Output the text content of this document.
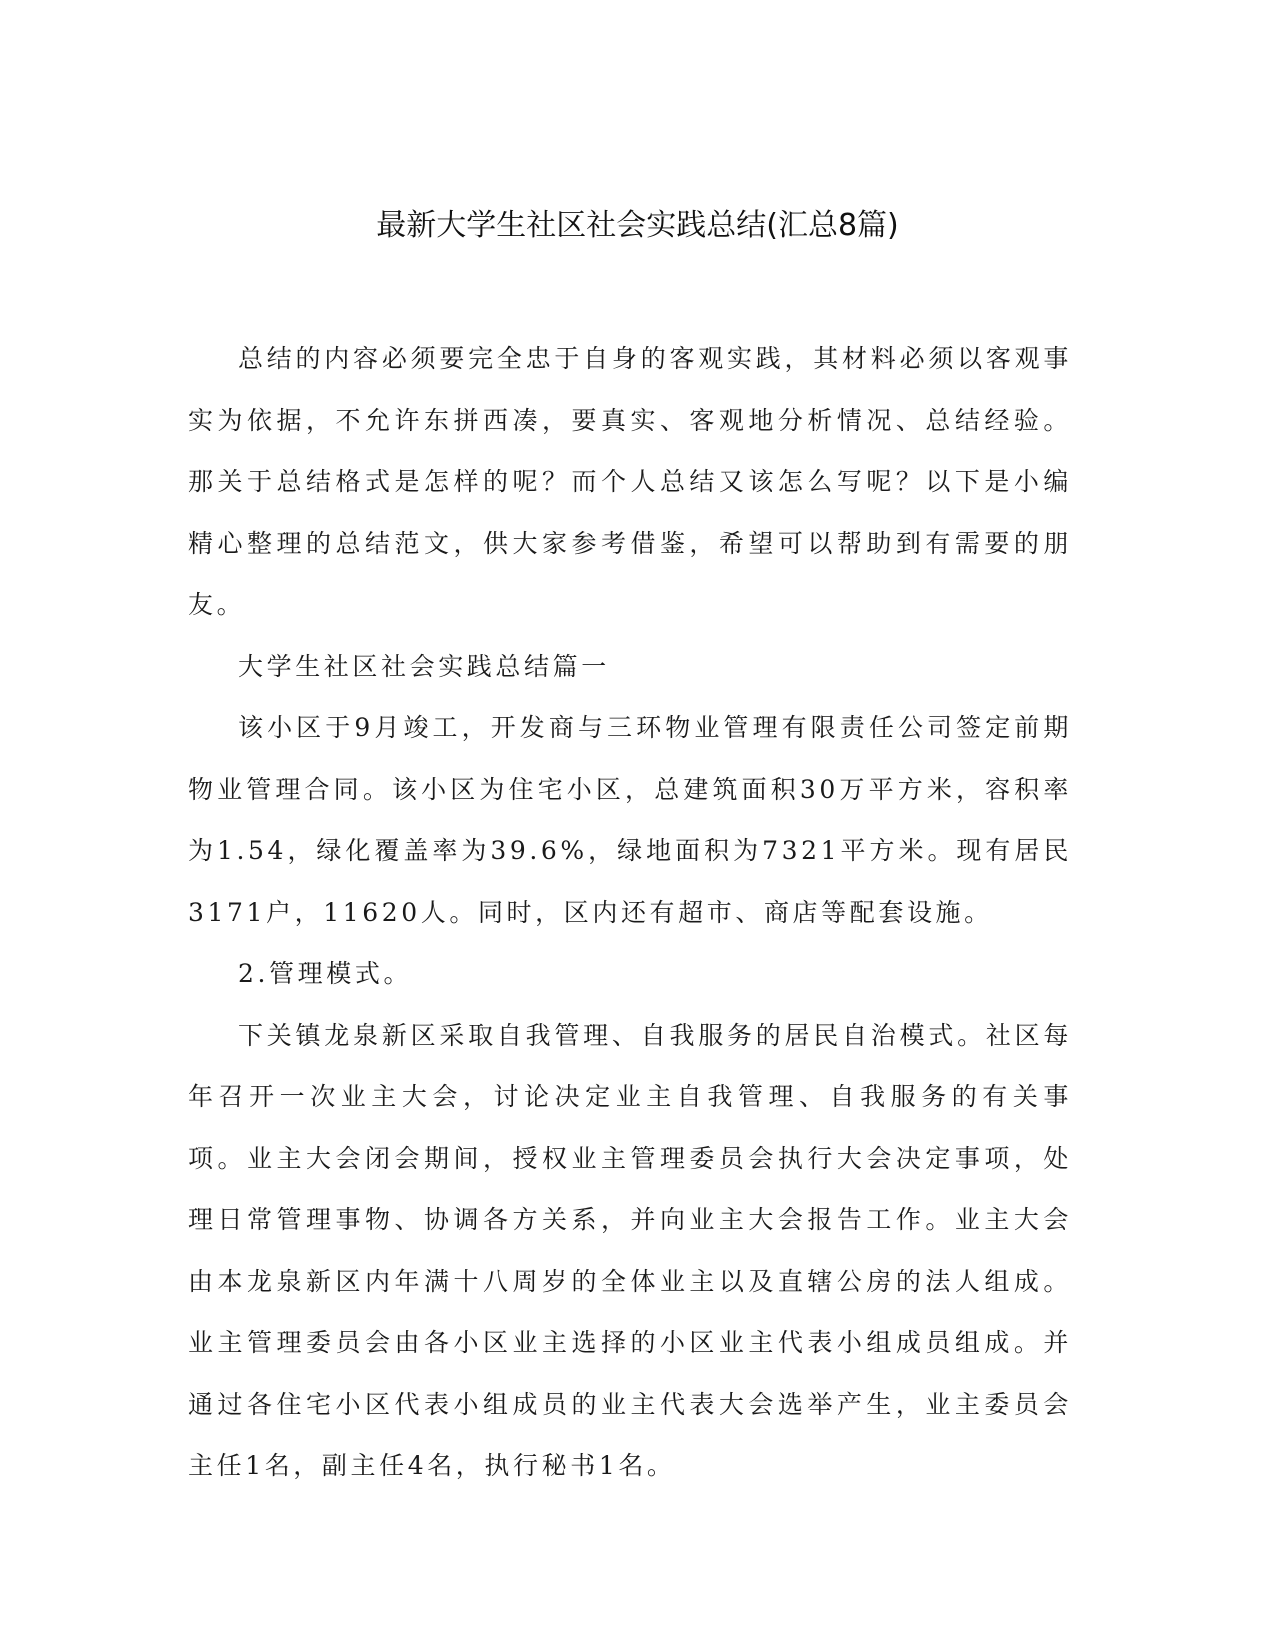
最新大学生社区社会实践总结(汇总8篇)

总结的内容必须要完全忠于自身的客观实践，其材料必须以客观事实为依据，不允许东拼西凑，要真实、客观地分析情况、总结经验。那关于总结格式是怎样的呢？而个人总结又该怎么写呢？以下是小编精心整理的总结范文，供大家参考借鉴，希望可以帮助到有需要的朋友。

大学生社区社会实践总结篇一

该小区于9月竣工，开发商与三环物业管理有限责任公司签定前期物业管理合同。该小区为住宅小区，总建筑面积30万平方米，容积率为1.54，绿化覆盖率为39.6%，绿地面积为7321平方米。现有居民3171户，11620人。同时，区内还有超市、商店等配套设施。

2.管理模式。

下关镇龙泉新区采取自我管理、自我服务的居民自治模式。社区每年召开一次业主大会，讨论决定业主自我管理、自我服务的有关事项。业主大会闭会期间，授权业主管理委员会执行大会决定事项，处理日常管理事物、协调各方关系，并向业主大会报告工作。业主大会由本龙泉新区内年满十八周岁的全体业主以及直辖公房的法人组成。业主管理委员会由各小区业主选择的小区业主代表小组成员组成。并通过各住宅小区代表小组成员的业主代表大会选举产生，业主委员会主任1名，副主任4名，执行秘书1名。
